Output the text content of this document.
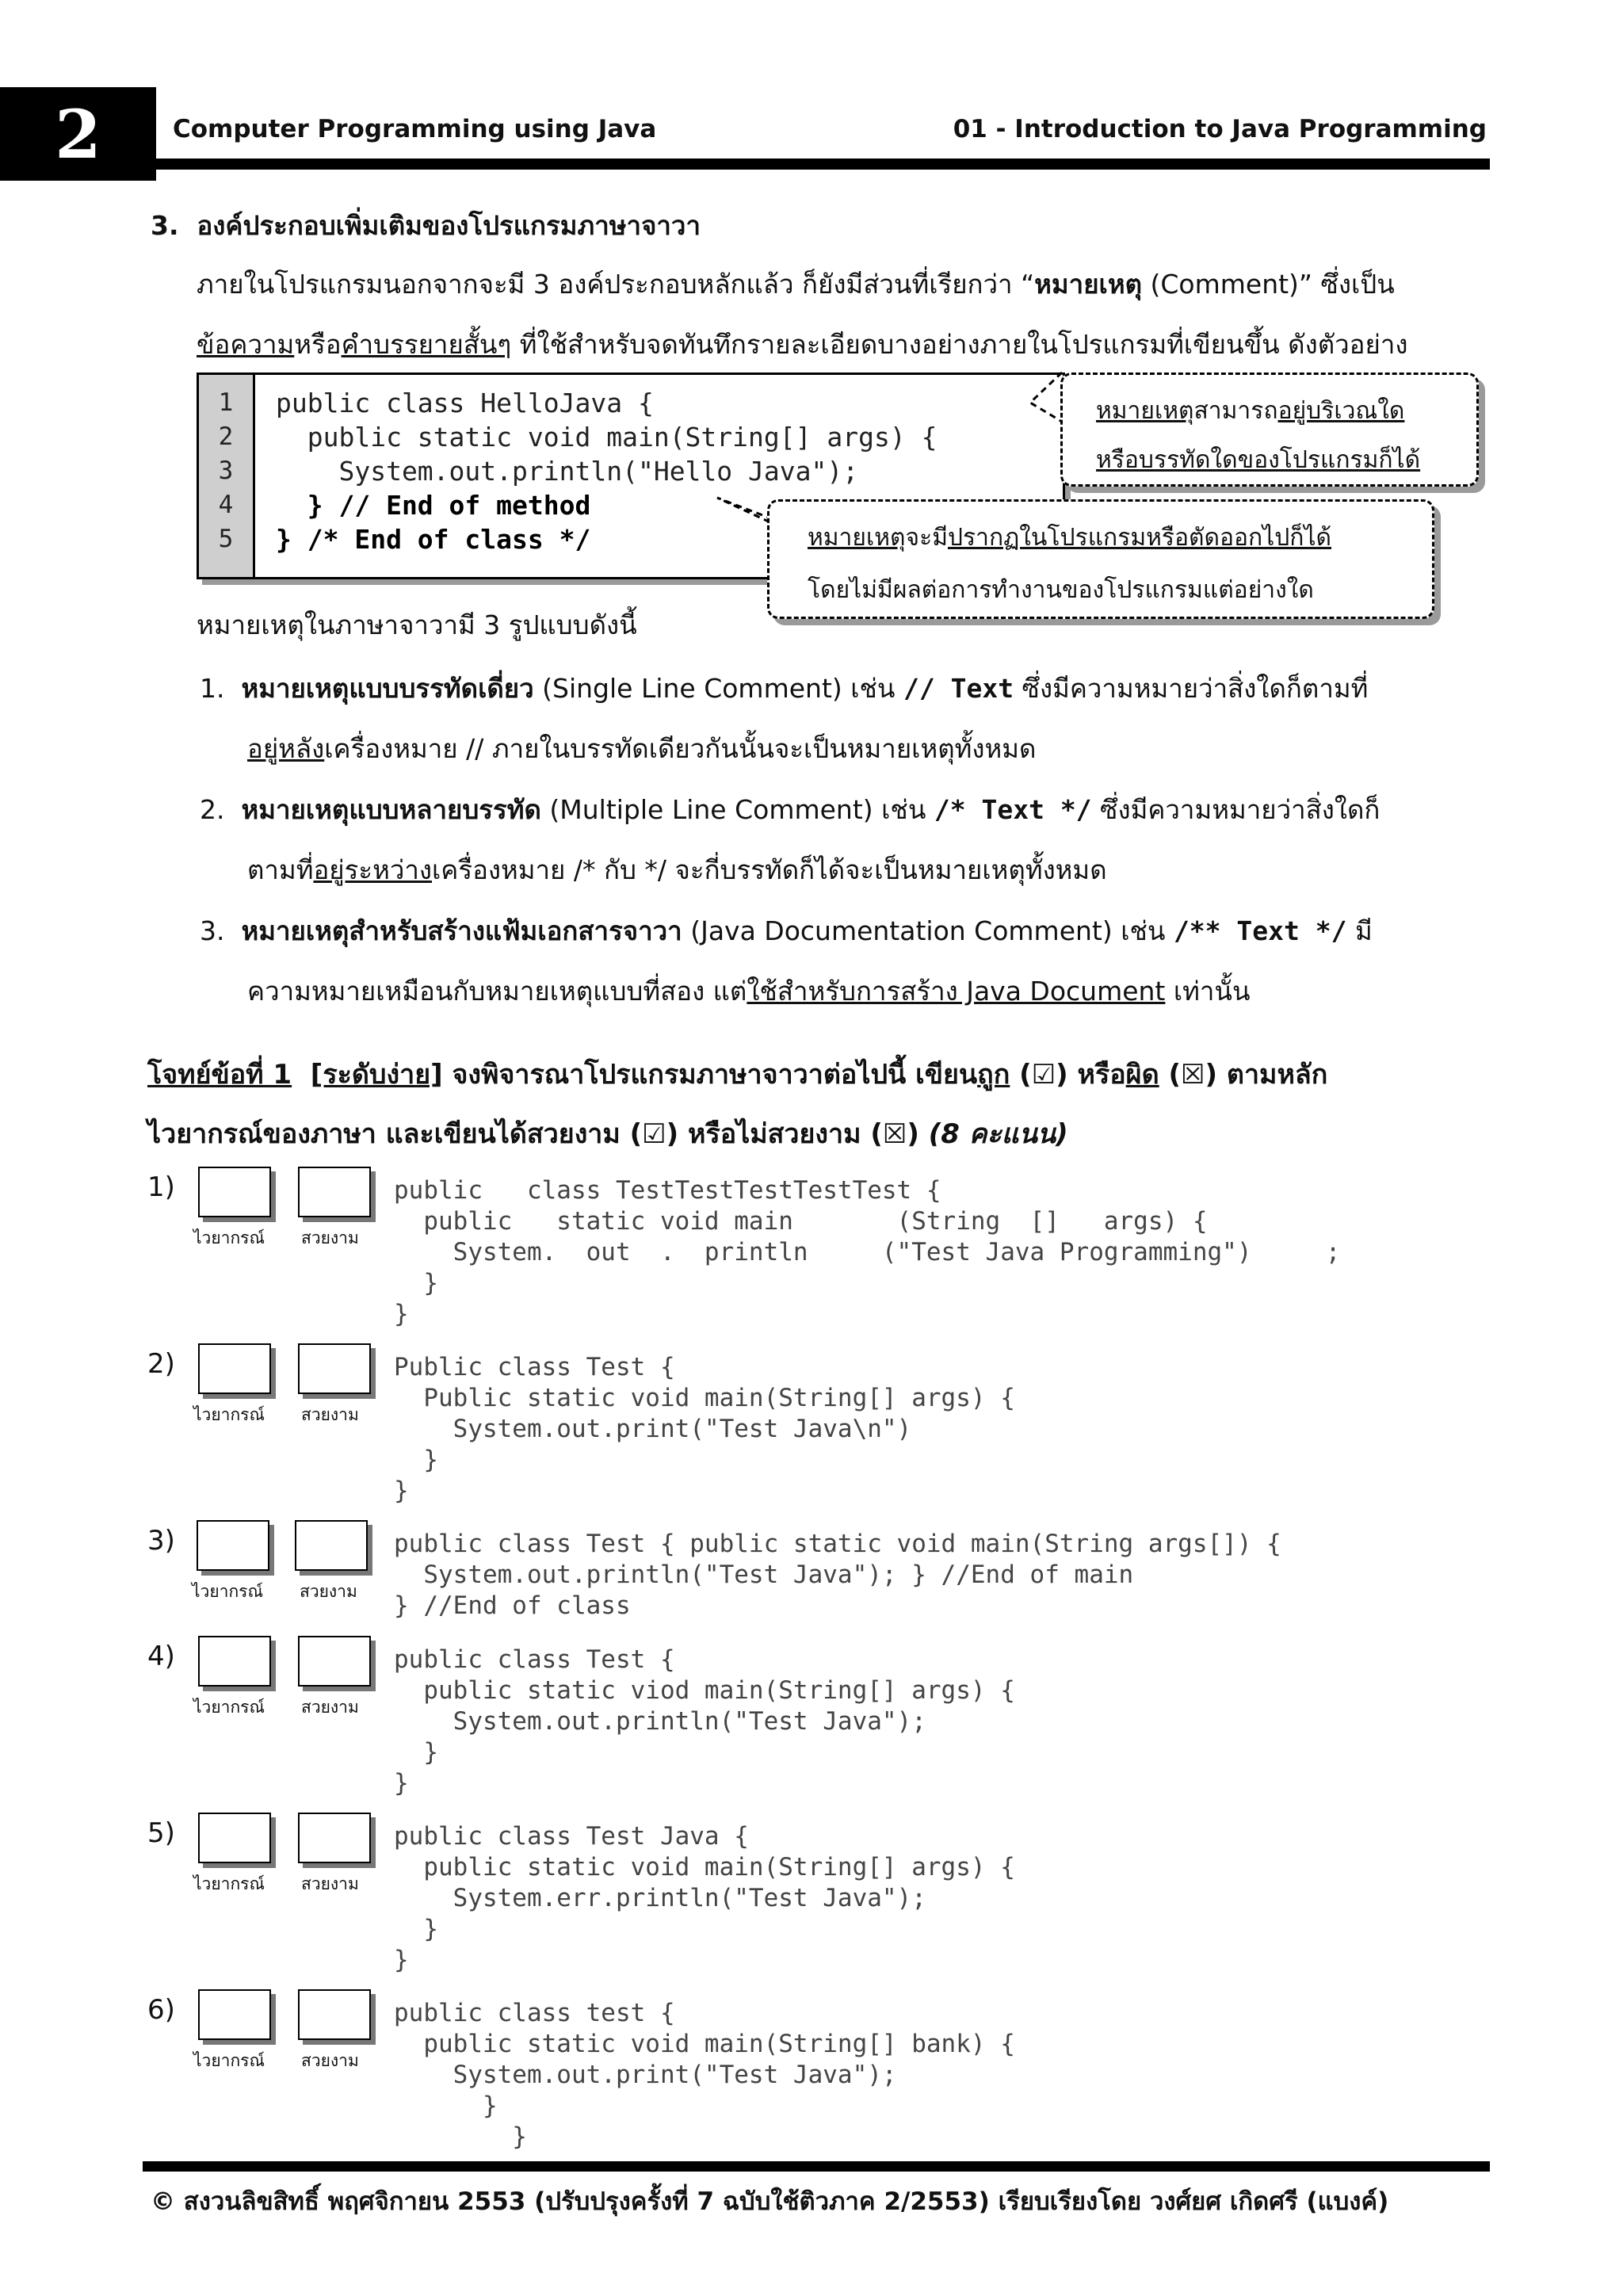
2	Computer Programming using Java	01 - Introduction to Java Programming
3. องค์ประกอบเพิ่มเติมของโปรแกรมภาษาจาวา
ภายในโปรแกรมนอกจากจะมี 3 องค์ประกอบหลักแล้ว ก็ยังมีส่วนที่เรียกว่า “หมายเหตุ (Comment)” ซึ่งเป็น
ข้อความหรือคำบรรยายสั้นๆ ที่ใช้สำหรับจดทันทึกรายละเอียดบางอย่างภายในโปรแกรมที่เขียนขึ้น ดังตัวอย่าง
1
2
3
4
5
public class HelloJava {
public static void main(String[] args) {
System.out.println("Hello Java");
} // End of method
} /* End of class */
หมายเหตุสามารถอยู่บริเวณใด
หรือบรรทัดใดของโปรแกรมก็ได้
หมายเหตุจะมีปรากฏในโปรแกรมหรือตัดออกไปก็ได้
โดยไม่มีผลต่อการทำงานของโปรแกรมแต่อย่างใด
หมายเหตุในภาษาจาวามี 3 รูปแบบดังนี้
1. หมายเหตุแบบบรรทัดเดี่ยว (Single Line Comment) เช่น // Text ซึ่งมีความหมายว่าสิ่งใดก็ตามที่
อยู่หลังเครื่องหมาย // ภายในบรรทัดเดียวกันนั้นจะเป็นหมายเหตุทั้งหมด
2. หมายเหตุแบบหลายบรรทัด (Multiple Line Comment) เช่น /* Text */ ซึ่งมีความหมายว่าสิ่งใดก็
ตามที่อยู่ระหว่างเครื่องหมาย /* กับ */ จะกี่บรรทัดก็ได้จะเป็นหมายเหตุทั้งหมด
3. หมายเหตุสำหรับสร้างแฟ้มเอกสารจาวา (Java Documentation Comment) เช่น /** Text */ มี
ความหมายเหมือนกับหมายเหตุแบบที่สอง แต่ใช้สำหรับการสร้าง Java Document เท่านั้น
โจทย์ข้อที่ 1 [ระดับง่าย] จงพิจารณาโปรแกรมภาษาจาวาต่อไปนี้ เขียนถูก (☑) หรือผิด (☒) ตามหลัก
ไวยากรณ์ของภาษา และเขียนได้สวยงาม (☑) หรือไม่สวยงาม (☒) (8 คะแนน)
1)
ไวยากรณ์ สวยงาม
public   class TestTestTestTestTest {
public   static void main       (String  []   args) {
System.  out  .  println     ("Test Java Programming")     ;
}
}
2)
ไวยากรณ์ สวยงาม
Public class Test {
Public static void main(String[] args) {
System.out.print("Test Java\n")
}
}
3)
ไวยากรณ์ สวยงาม
public class Test { public static void main(String args[]) {
System.out.println("Test Java"); } //End of main
} //End of class
4)
ไวยากรณ์ สวยงาม
public class Test {
public static viod main(String[] args) {
System.out.println("Test Java");
}
}
5)
ไวยากรณ์ สวยงาม
public class Test Java {
public static void main(String[] args) {
System.err.println("Test Java");
}
}
6)
ไวยากรณ์ สวยงาม
public class test {
public static void main(String[] bank) {
System.out.print("Test Java");
}
}
© สงวนลิขสิทธิ์ พฤศจิกายน 2553 (ปรับปรุงครั้งที่ 7 ฉบับใช้ติวภาค 2/2553) เรียบเรียงโดย วงศ์ยศ เกิดศรี (แบงค์)
